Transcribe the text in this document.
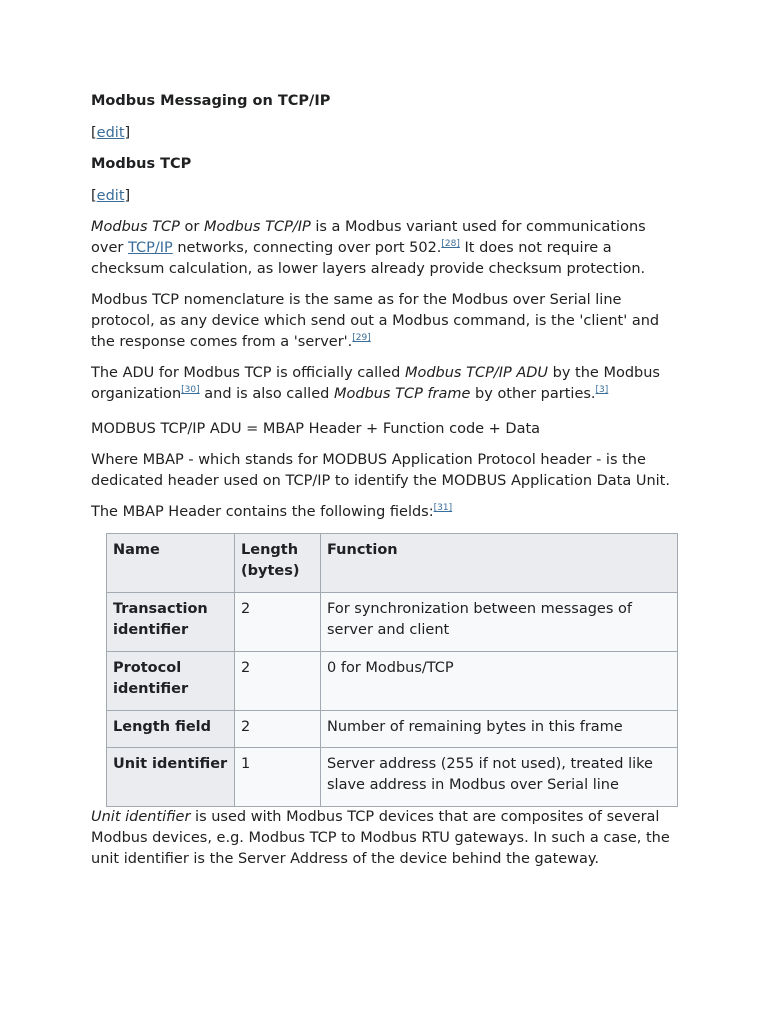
Modbus Messaging on TCP/IP
[edit]
Modbus TCP
[edit]

Modbus TCP or Modbus TCP/IP is a Modbus variant used for communications over TCP/IP networks, connecting over port 502.[28] It does not require a checksum calculation, as lower layers already provide checksum protection.

Modbus TCP nomenclature is the same as for the Modbus over Serial line protocol, as any device which send out a Modbus command, is the 'client' and the response comes from a 'server'.[29]

The ADU for Modbus TCP is officially called Modbus TCP/IP ADU by the Modbus organization[30] and is also called Modbus TCP frame by other parties.[3]

MODBUS TCP/IP ADU = MBAP Header + Function code + Data

Where MBAP - which stands for MODBUS Application Protocol header - is the dedicated header used on TCP/IP to identify the MODBUS Application Data Unit.

The MBAP Header contains the following fields:[31]

Name	Length (bytes)	Function
Transaction identifier	2	For synchronization between messages of server and client
Protocol identifier	2	0 for Modbus/TCP
Length field	2	Number of remaining bytes in this frame
Unit identifier	1	Server address (255 if not used), treated like slave address in Modbus over Serial line

Unit identifier is used with Modbus TCP devices that are composites of several Modbus devices, e.g. Modbus TCP to Modbus RTU gateways. In such a case, the unit identifier is the Server Address of the device behind the gateway.
